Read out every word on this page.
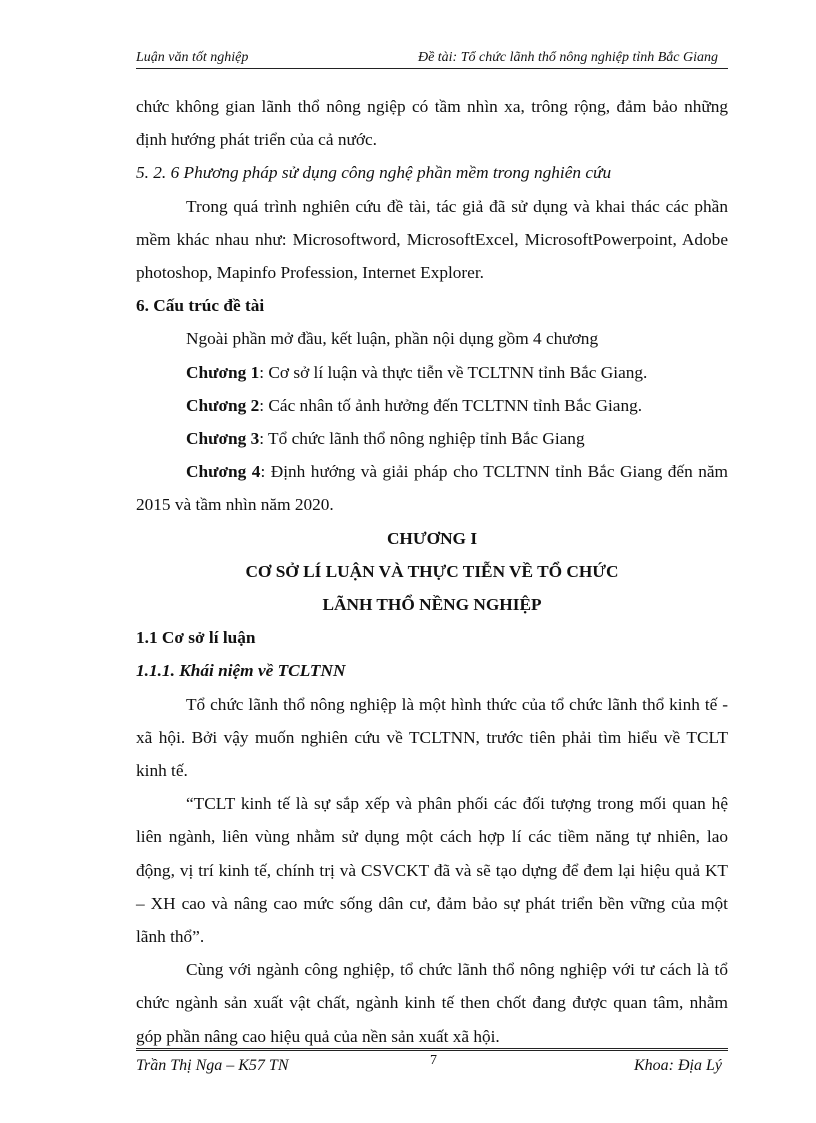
Luận văn tốt nghiệp	Đề tài: Tổ chức lãnh thổ nông nghiệp tỉnh Bắc Giang

chức không gian lãnh thổ nông ngiệp có tầm nhìn xa, trông rộng, đảm bảo những định hướng phát triển của cả nước.

5. 2. 6 Phương pháp sử dụng công nghệ phần mềm trong nghiên cứu

Trong quá trình nghiên cứu đề tài, tác giả đã sử dụng và khai thác các phần mềm khác nhau như: Microsoftword, MicrosoftExcel, MicrosoftPowerpoint, Adobe photoshop, Mapinfo Profession, Internet Explorer.

6. Cấu trúc đề tài

Ngoài phần mở đầu, kết luận, phần nội dụng gồm 4 chương

Chương 1: Cơ sở lí luận và thực tiễn về TCLTNN tỉnh Bắc Giang.

Chương 2: Các nhân tố ảnh hưởng đến TCLTNN tỉnh Bắc Giang.

Chương 3: Tổ chức lãnh thổ nông nghiệp tỉnh Bắc Giang

Chương 4: Định hướng và giải pháp cho TCLTNN tỉnh Bắc Giang đến năm 2015 và tầm nhìn năm 2020.

CHƯƠNG I

CƠ SỞ LÍ LUẬN VÀ THỰC TIỄN VỀ TỔ CHỨC

LÃNH THỔ NỀNG NGHIỆP

1.1 Cơ sở lí luận

1.1.1. Khái niệm về TCLTNN

Tổ chức lãnh thổ nông nghiệp là một hình thức của tổ chức lãnh thổ kinh tế - xã hội. Bởi vậy muốn nghiên cứu về TCLTNN, trước tiên phải tìm hiểu về TCLT kinh tế.

“TCLT kinh tế là sự sắp xếp và phân phối các đối tượng trong mối quan hệ liên ngành, liên vùng nhằm sử dụng một cách hợp lí các tiềm năng tự nhiên, lao động, vị trí kinh tế, chính trị và CSVCKT đã và sẽ tạo dựng để đem lại hiệu quả KT – XH cao và nâng cao mức sống dân cư, đảm bảo sự phát triển bền vững của một lãnh thổ”.

Cùng với ngành công nghiệp, tổ chức lãnh thổ nông nghiệp với tư cách là tổ chức ngành sản xuất vật chất, ngành kinh tế then chốt đang được quan tâm, nhằm góp phần nâng cao hiệu quả của nền sản xuất xã hội.

Trần Thị Nga – K57 TN	7	Khoa: Địa Lý
